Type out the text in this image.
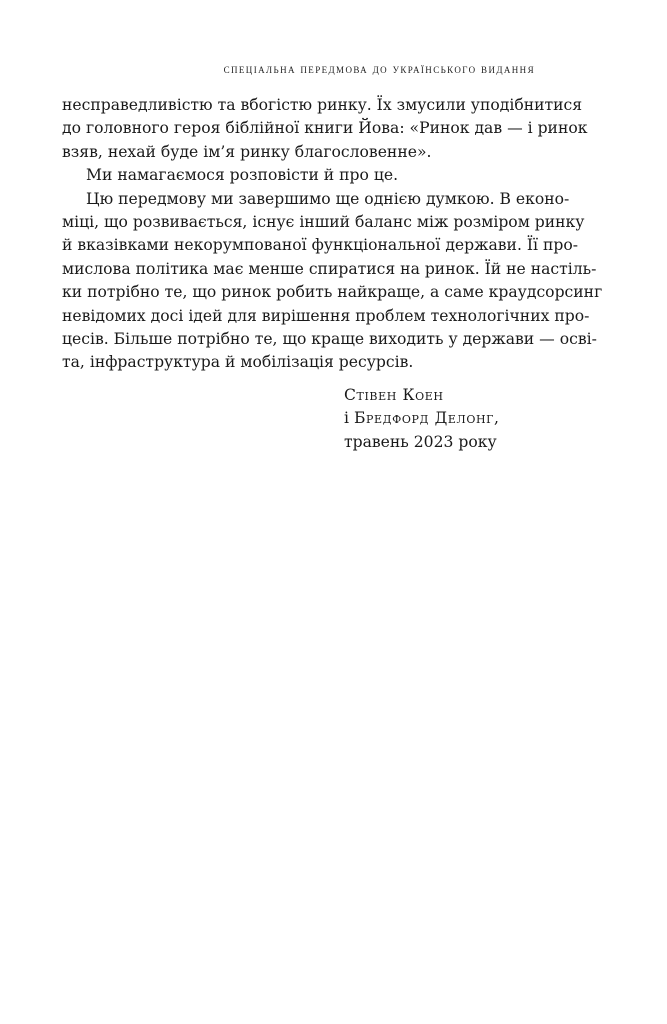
спеціальна передмова до українського видання
несправедливістю та вбогістю ринку. Їх змусили уподібнитися
до головного героя біблійної книги Йова: «Ринок дав — і ринок
взяв, нехай буде ім’я ринку благословенне».
Ми намагаємося розповісти й про це.
Цю передмову ми завершимо ще однією думкою. В еконо-
міці, що розвивається, існує інший баланс між розміром ринку
й вказівками некорумпованої функціональної держави. Її про-
мислова політика має менше спиратися на ринок. Їй не настіль-
ки потрібно те, що ринок робить найкраще, а саме краудсорсинг
невідомих досі ідей для вирішення проблем технологічних про-
цесів. Більше потрібно те, що краще виходить у держави — осві-
та, інфраструктура й мобілізація ресурсів.
Стівен Коен
і Бредфорд Делонг,
травень 2023 року
